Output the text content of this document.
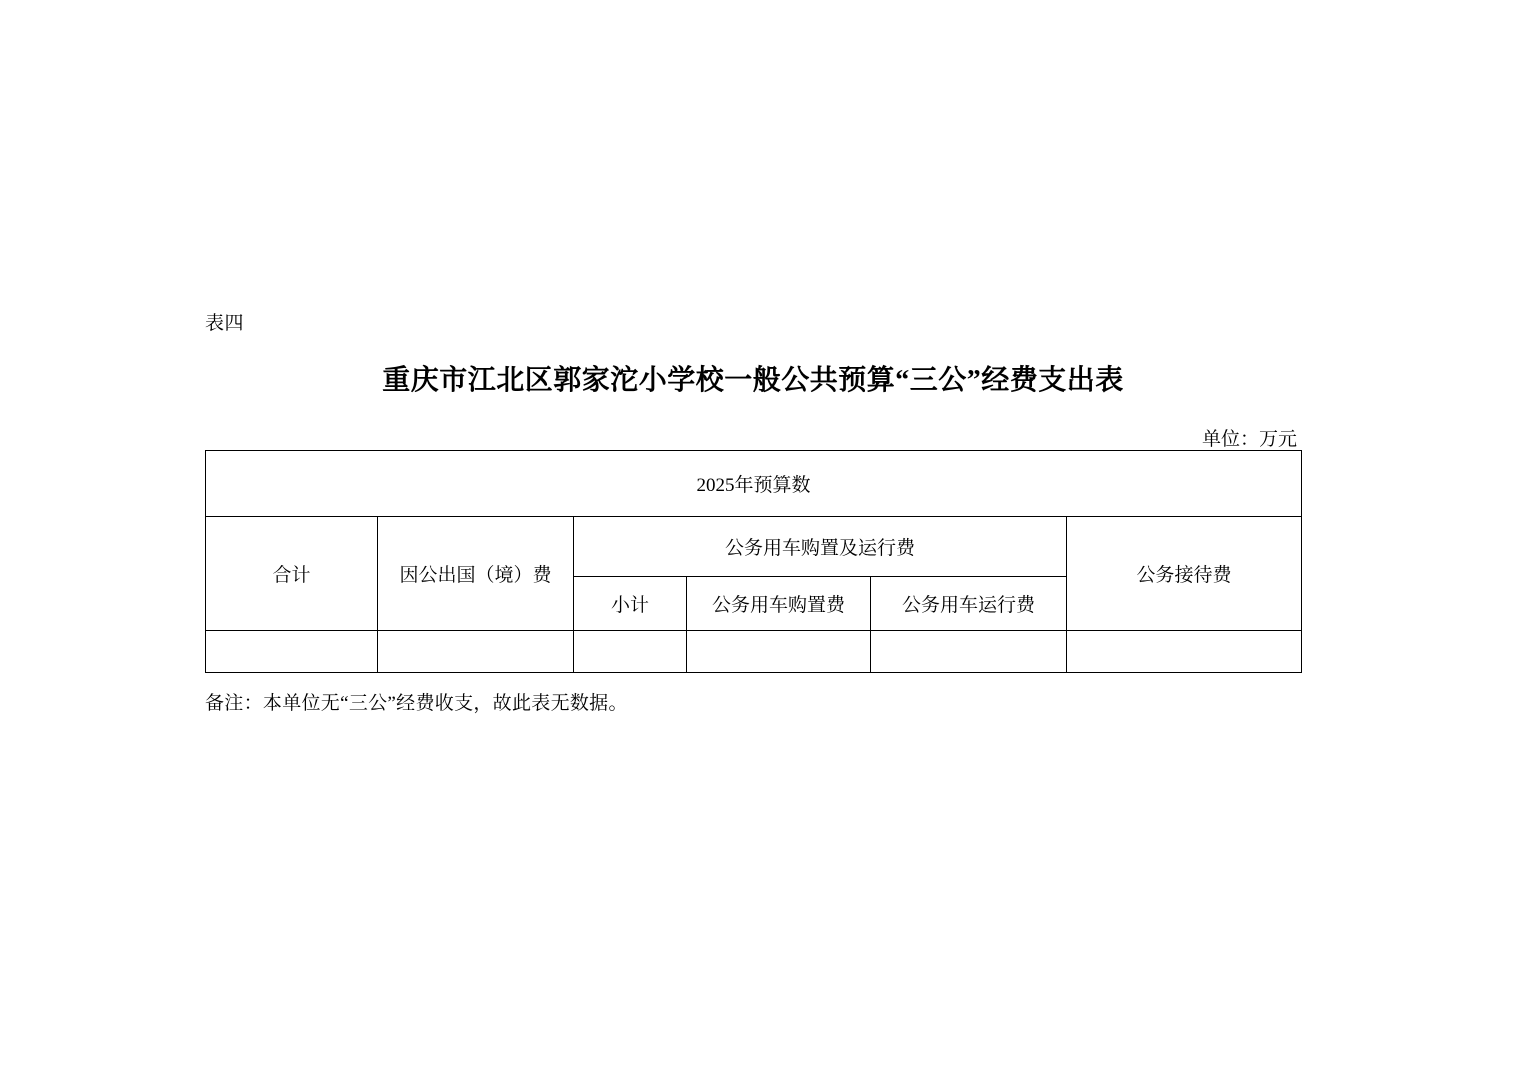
表四
重庆市江北区郭家沱小学校一般公共预算“三公”经费支出表
单位：万元
2025年预算数					
合计	因公出国（境）费	公务用车购置及运行费			公务接待费
		小计	公务用车购置费	公务用车运行费	

备注：本单位无“三公”经费收支，故此表无数据。
